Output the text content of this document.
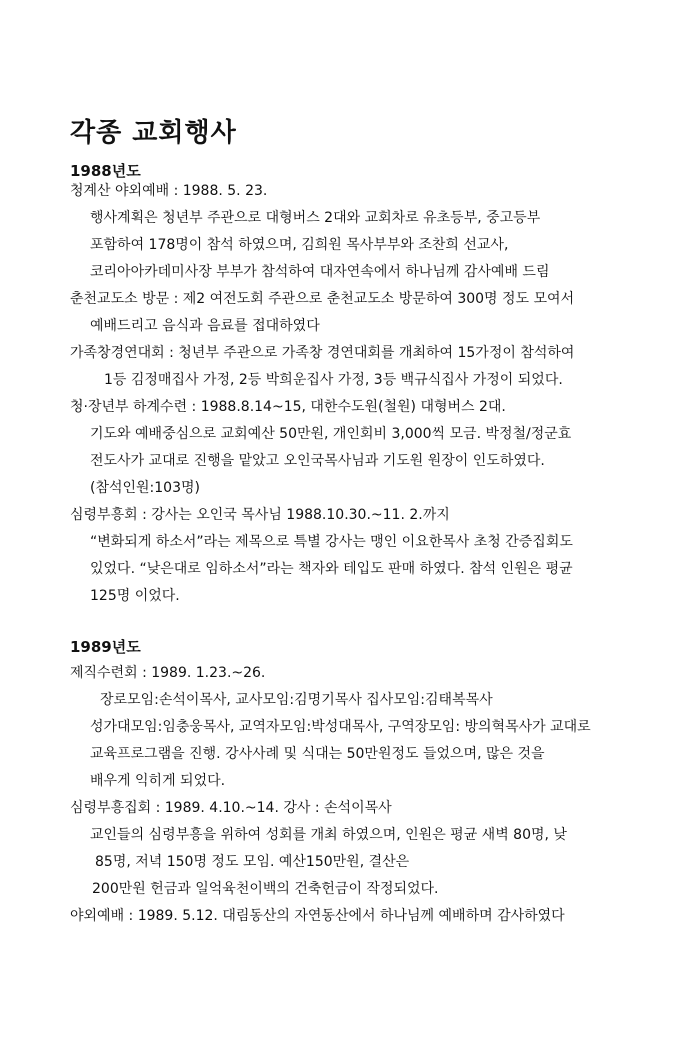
각종 교회행사
1988년도
청계산 야외예배 : 1988. 5. 23.
행사계획은 청년부 주관으로 대형버스 2대와 교회차로 유초등부, 중고등부
포함하여 178명이 참석 하였으며, 김희원 목사부부와 조찬희 선교사,
코리아아카데미사장 부부가 참석하여 대자연속에서 하나님께 감사예배 드림
춘천교도소 방문 : 제2 여전도회 주관으로 춘천교도소 방문하여 300명 정도 모여서
예배드리고 음식과 음료를 접대하였다
가족창경연대회 : 청년부 주관으로 가족창 경연대회를 개최하여 15가정이 참석하여
1등 김정매집사 가정, 2등 박희운집사 가정, 3등 백규식집사 가정이 되었다.
청·장년부 하계수련 : 1988.8.14~15, 대한수도원(철원) 대형버스 2대.
기도와 예배중심으로 교회예산 50만원, 개인회비 3,000씩 모금. 박정철/정군효
전도사가 교대로 진행을 맡았고 오인국목사님과 기도원 원장이 인도하였다.
(참석인원:103명)
심령부흥회 : 강사는 오인국 목사님 1988.10.30.~11. 2.까지
“변화되게 하소서”라는 제목으로 특별 강사는 맹인 이요한목사 초청 간증집회도
있었다. “낮은대로 임하소서”라는 책자와 테입도 판매 하였다. 참석 인원은 평균
125명 이었다.
1989년도
제직수련회 : 1989. 1.23.~26.
장로모임:손석이목사, 교사모임:김명기목사 집사모임:김태복목사
성가대모임:임충웅목사, 교역자모임:박성대목사, 구역장모임: 방의혁목사가 교대로
교육프로그램을 진행. 강사사례 및 식대는 50만원정도 들었으며, 많은 것을
배우게 익히게 되었다.
심령부흥집회 : 1989. 4.10.~14. 강사 : 손석이목사
교인들의 심령부흥을 위하여 성회를 개최 하였으며, 인원은 평균 새벽 80명, 낮
85명, 저녁 150명 정도 모임. 예산150만원, 결산은
200만원 헌금과 일억육천이백의 건축헌금이 작정되었다.
야외예배 : 1989. 5.12. 대림동산의 자연동산에서 하나님께 예배하며 감사하였다
